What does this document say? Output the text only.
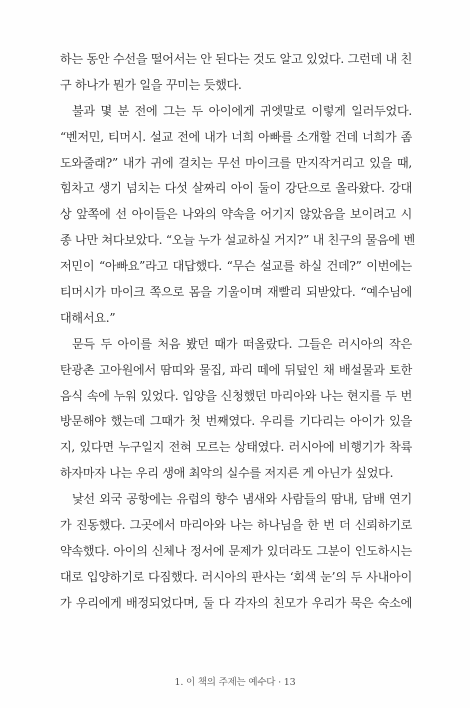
하는 동안 수선을 떨어서는 안 된다는 것도 알고 있었다. 그런데 내 친
구 하나가 뭔가 일을 꾸미는 듯했다.
불과 몇 분 전에 그는 두 아이에게 귀엣말로 이렇게 일러두었다.
“벤저민, 티머시. 설교 전에 내가 너희 아빠를 소개할 건데 너희가 좀
도와줄래?” 내가 귀에 걸치는 무선 마이크를 만지작거리고 있을 때,
힘차고 생기 넘치는 다섯 살짜리 아이 둘이 강단으로 올라왔다. 강대
상 앞쪽에 선 아이들은 나와의 약속을 어기지 않았음을 보이려고 시
종 나만 쳐다보았다. “오늘 누가 설교하실 거지?” 내 친구의 물음에 벤
저민이 “아빠요”라고 대답했다. “무슨 설교를 하실 건데?” 이번에는
티머시가 마이크 쪽으로 몸을 기울이며 재빨리 되받았다. “예수님에
대해서요.”
문득 두 아이를 처음 봤던 때가 떠올랐다. 그들은 러시아의 작은
탄광촌 고아원에서 땀띠와 물집, 파리 떼에 뒤덮인 채 배설물과 토한
음식 속에 누워 있었다. 입양을 신청했던 마리아와 나는 현지를 두 번
방문해야 했는데 그때가 첫 번째였다. 우리를 기다리는 아이가 있을
지, 있다면 누구일지 전혀 모르는 상태였다. 러시아에 비행기가 착륙
하자마자 나는 우리 생애 최악의 실수를 저지른 게 아닌가 싶었다.
낯선 외국 공항에는 유럽의 향수 냄새와 사람들의 땀내, 담배 연기
가 진동했다. 그곳에서 마리아와 나는 하나님을 한 번 더 신뢰하기로
약속했다. 아이의 신체나 정서에 문제가 있더라도 그분이 인도하시는
대로 입양하기로 다짐했다. 러시아의 판사는 ‘회색 눈’의 두 사내아이
가 우리에게 배정되었다며, 둘 다 각자의 친모가 우리가 묵은 숙소에
1. 이 책의 주제는 예수다 · 13
